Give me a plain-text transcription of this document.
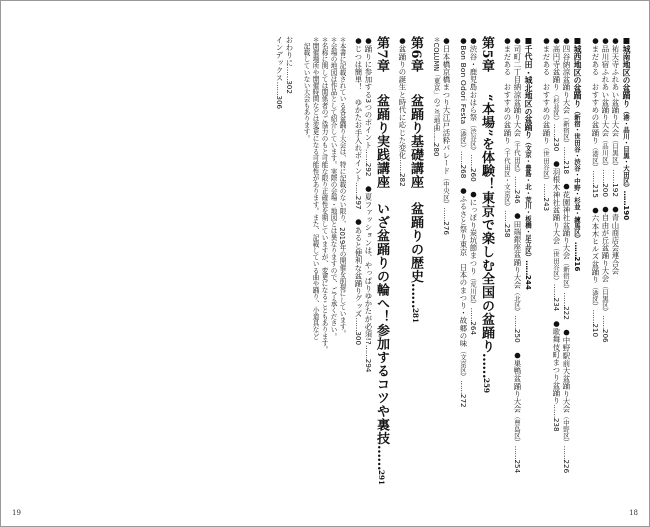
19	18
■城南地区の盆踊り（港・品川・目黒・大田区）……190
●祐天寺ふれあい盆踊り大会（目黒区）……192　●青山商店会連合会
●品川宿ふれあい盆踊り大会（品川区）……200　●自由が丘盆踊り大会（目黒区）……206
●まだある　おすすめの盆踊り（港区）……215　●六本木ヒルズ盆踊り（港区）……210
■城西地区の盆踊り（新宿・世田谷・渋谷・中野・杉並・練馬区）……216
●四谷納涼盆踊り大会（新宿区）……218　●花園神社盆踊り大会（新宿区）……222　●中野駅前大盆踊り大会（中野区）……226
●高円寺盆踊り（杉並区）……230　●羽根木神社盆踊り大会（世田谷区）……234　●歌舞伎町まつり盆踊り……238
●まだある　おすすめの盆踊り（世田谷区）……243
■千代田・城北地区の盆踊り（文京・豊島・北・荒川・板橋・足立区）……244
●司町二丁目納涼盆踊り大会（千代田区）……246　●田端銀座盆踊り大会（北区）……250　●巣鴨盆踊り大会（豊島区）……254
●まだある　おすすめの盆踊り（千代田区・文京区）……258
第5章　“本場”を体験！東京で楽しむ全国の盆踊り……259
●渋谷・鹿児島おはら祭（渋谷区）……260　●にっぽり炭坑節まつり（荒川区）……264
●Bon Bon Odori Festa（港区）……268　●ふるさと祭り東京　日本のまつり・故郷の味（文京区）……272
●日本橋京橋まつり大江戸活粋パレード（中央区）……276
＊COLUMN「東京」のご当地曲……280
第6章　盆踊り基礎講座　盆踊りの歴史……281
●盆踊りの誕生と時代に応じた変化……282
第7章　盆踊り実践講座　いざ盆踊りの輪へ！参加するコツや裏技……291
●踊りに参加する3つのポイント……292　●夏ファッションは、やっぱりゆかたが必須!?……294
●じつは簡単！　ゆかたお手入れポイント……297　●あると便利な盆踊りグッズ……300
＊本書に記載されている各盆踊り大会は、特に記載のない限り、2019年の開催を前提にしています。
＊会場の地図は作品として紹介しています。実際の会場・地図とは異なりますので、ご了承ください。
＊名称に関しては関係者のご協力のもと可能な限り正確性を期していますが、変更になることもあります。
＊開催場所や開催時間などは変更になる可能性があります。また、記載している曲や踊り、小道具など
　記載していない大会もあります。
おわりに……302
インデックス……306
